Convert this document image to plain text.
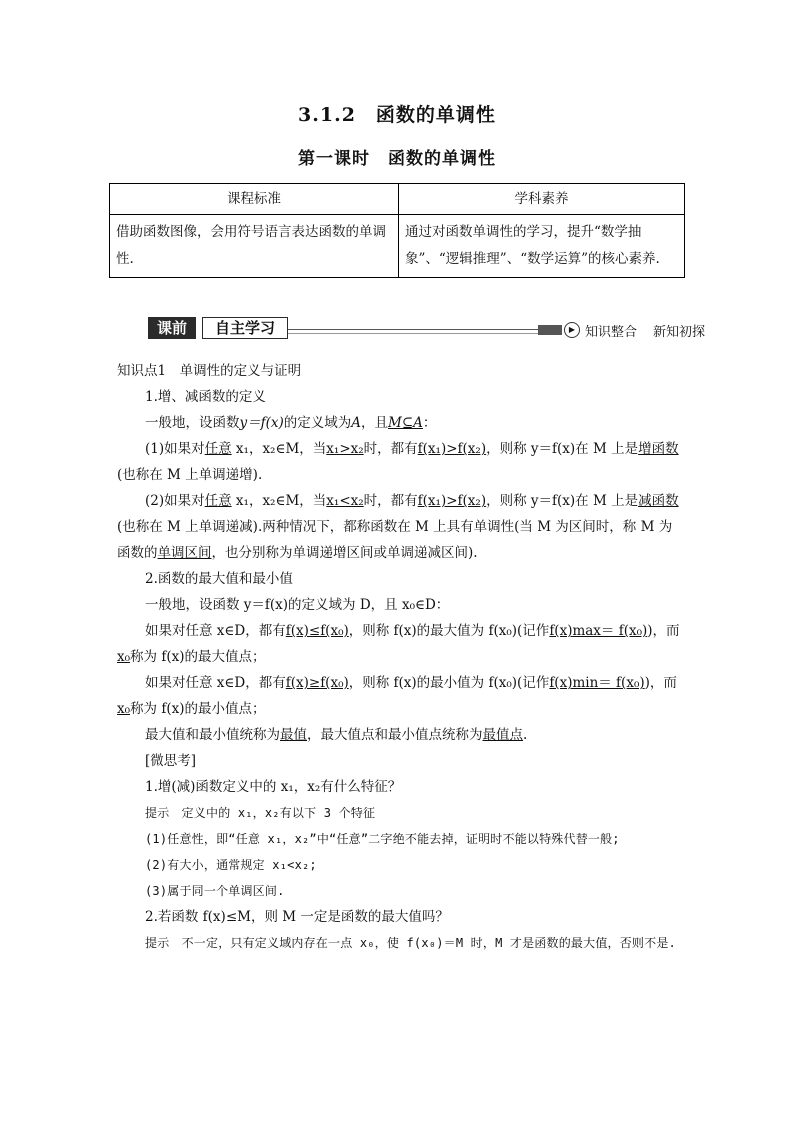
3.1.2　函数的单调性
第一课时　函数的单调性
课程标准	学科素养
借助函数图像，会用符号语言表达函数的单调性.	通过对函数单调性的学习，提升“数学抽象”、“逻辑推理”、“数学运算”的核心素养.
课前	自主学习	▶ 知识整合 新知初探

知识点1　单调性的定义与证明

1.增、减函数的定义

一般地，设函数y＝f(x)的定义域为A，且M⊆A：

(1)如果对任意 x₁，x₂∈M，当x₁>x₂时，都有f(x₁)>f(x₂)，则称 y＝f(x)在 M 上是增函数(也称在 M 上单调递增).

(2)如果对任意 x₁，x₂∈M，当x₁<x₂时，都有f(x₁)>f(x₂)，则称 y＝f(x)在 M 上是减函数(也称在 M 上单调递减).两种情况下，都称函数在 M 上具有单调性(当 M 为区间时，称 M 为函数的单调区间，也分别称为单调递增区间或单调递减区间).

2.函数的最大值和最小值

一般地，设函数 y＝f(x)的定义域为 D，且 x₀∈D：

如果对任意 x∈D，都有f(x)≤f(x₀)，则称 f(x)的最大值为 f(x₀)(记作f(x)max＝ f(x₀))，而x₀称为 f(x)的最大值点；

如果对任意 x∈D，都有f(x)≥f(x₀)，则称 f(x)的最小值为 f(x₀)(记作f(x)min＝ f(x₀))，而x₀称为 f(x)的最小值点；

最大值和最小值统称为最值，最大值点和最小值点统称为最值点.

[微思考]

1.增(减)函数定义中的 x₁，x₂有什么特征？

提示　定义中的 x₁，x₂有以下 3 个特征

(1)任意性，即“任意 x₁，x₂”中“任意”二字绝不能去掉，证明时不能以特殊代替一般;

(2)有大小，通常规定 x₁<x₂;

(3)属于同一个单调区间.

2.若函数 f(x)≤M，则 M 一定是函数的最大值吗？

提示　不一定，只有定义域内存在一点 x₀，使 f(x₀)＝M 时，M 才是函数的最大值，否则不是.
